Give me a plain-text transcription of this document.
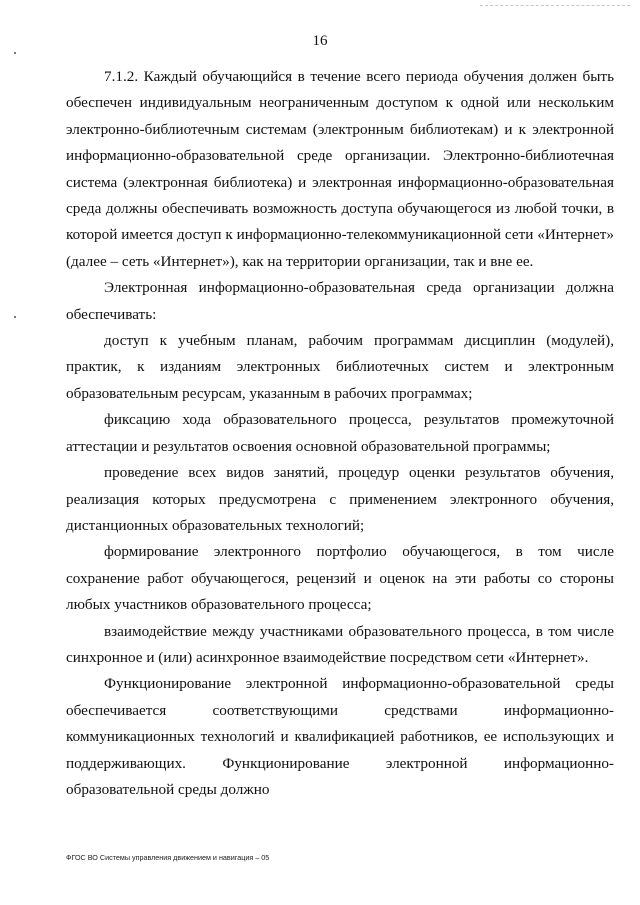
16

7.1.2. Каждый обучающийся в течение всего периода обучения должен быть обеспечен индивидуальным неограниченным доступом к одной или нескольким электронно-библиотечным системам (электронным библиотекам) и к электронной информационно-образовательной среде организации. Электронно-библиотечная система (электронная библиотека) и электронная информационно-образовательная среда должны обеспечивать возможность доступа обучающегося из любой точки, в которой имеется доступ к информационно-телекоммуникационной сети «Интернет» (далее – сеть «Интернет»), как на территории организации, так и вне ее.

Электронная информационно-образовательная среда организации должна обеспечивать:

доступ к учебным планам, рабочим программам дисциплин (модулей), практик, к изданиям электронных библиотечных систем и электронным образовательным ресурсам, указанным в рабочих программах;

фиксацию хода образовательного процесса, результатов промежуточной аттестации и результатов освоения основной образовательной программы;

проведение всех видов занятий, процедур оценки результатов обучения, реализация которых предусмотрена с применением электронного обучения, дистанционных образовательных технологий;

формирование электронного портфолио обучающегося, в том числе сохранение работ обучающегося, рецензий и оценок на эти работы со стороны любых участников образовательного процесса;

взаимодействие между участниками образовательного процесса, в том числе синхронное и (или) асинхронное взаимодействие посредством сети «Интернет».

Функционирование электронной информационно-образовательной среды обеспечивается соответствующими средствами информационно-коммуникационных технологий и квалификацией работников, ее использующих и поддерживающих. Функционирование электронной информационно-образовательной среды должно

ФГОС ВО Системы управления движением и навигация – 05
